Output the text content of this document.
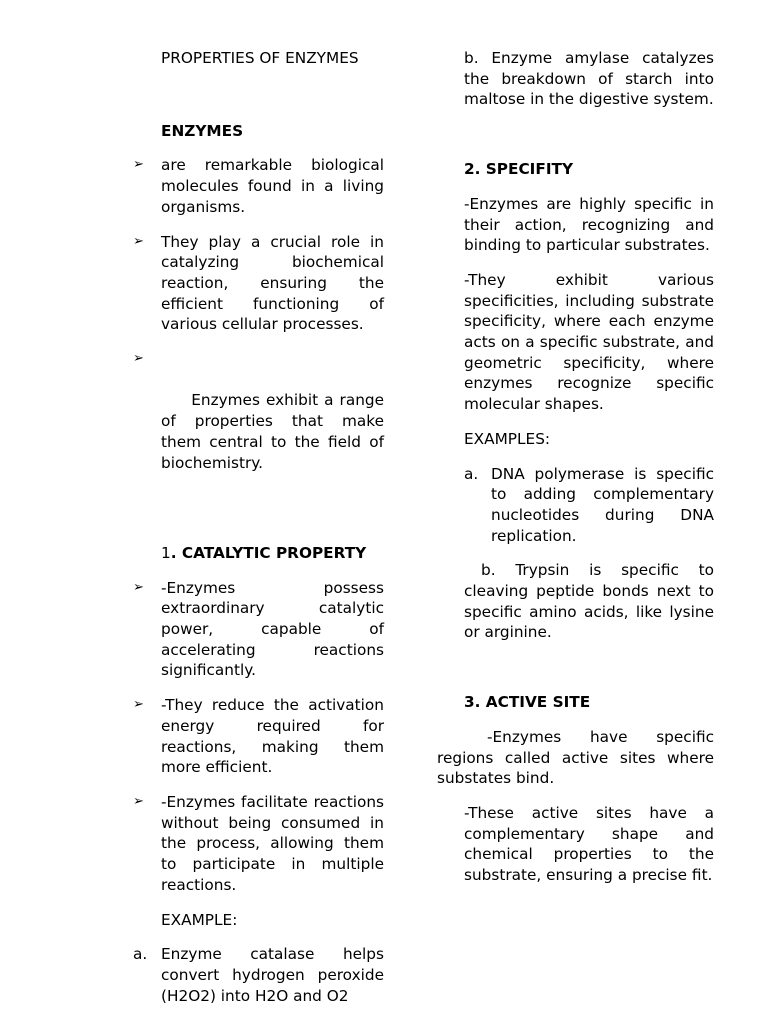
PROPERTIES OF ENZYMES
ENZYMES
➢ are remarkable biological molecules found in a living organisms.
➢ They play a crucial role in catalyzing biochemical reaction, ensuring the efficient functioning of various cellular processes.

➢

Enzymes exhibit a range of properties that make them central to the field of biochemistry.

1. CATALYTIC PROPERTY
➢ -Enzymes possess extraordinary catalytic power, capable of accelerating reactions significantly.
➢ -They reduce the activation energy required for reactions, making them more efficient.
➢ -Enzymes facilitate reactions without being consumed in the process, allowing them to participate in multiple reactions.
EXAMPLE:
a. Enzyme catalase helps convert hydrogen peroxide (H2O2) into H2O and O2
b. Enzyme amylase catalyzes the breakdown of starch into maltose in the digestive system.
2. SPECIFITY
-Enzymes are highly specific in their action, recognizing and binding to particular substrates.
-They exhibit various specificities, including substrate specificity, where each enzyme acts on a specific substrate, and geometric specificity, where enzymes recognize specific molecular shapes.
EXAMPLES:
a. DNA polymerase is specific to adding complementary nucleotides during DNA replication.
b. Trypsin is specific to cleaving peptide bonds next to specific amino acids, like lysine or arginine.
3. ACTIVE SITE
-Enzymes have specific regions called active sites where substates bind.
-These active sites have a complementary shape and chemical properties to the substrate, ensuring a precise fit.
